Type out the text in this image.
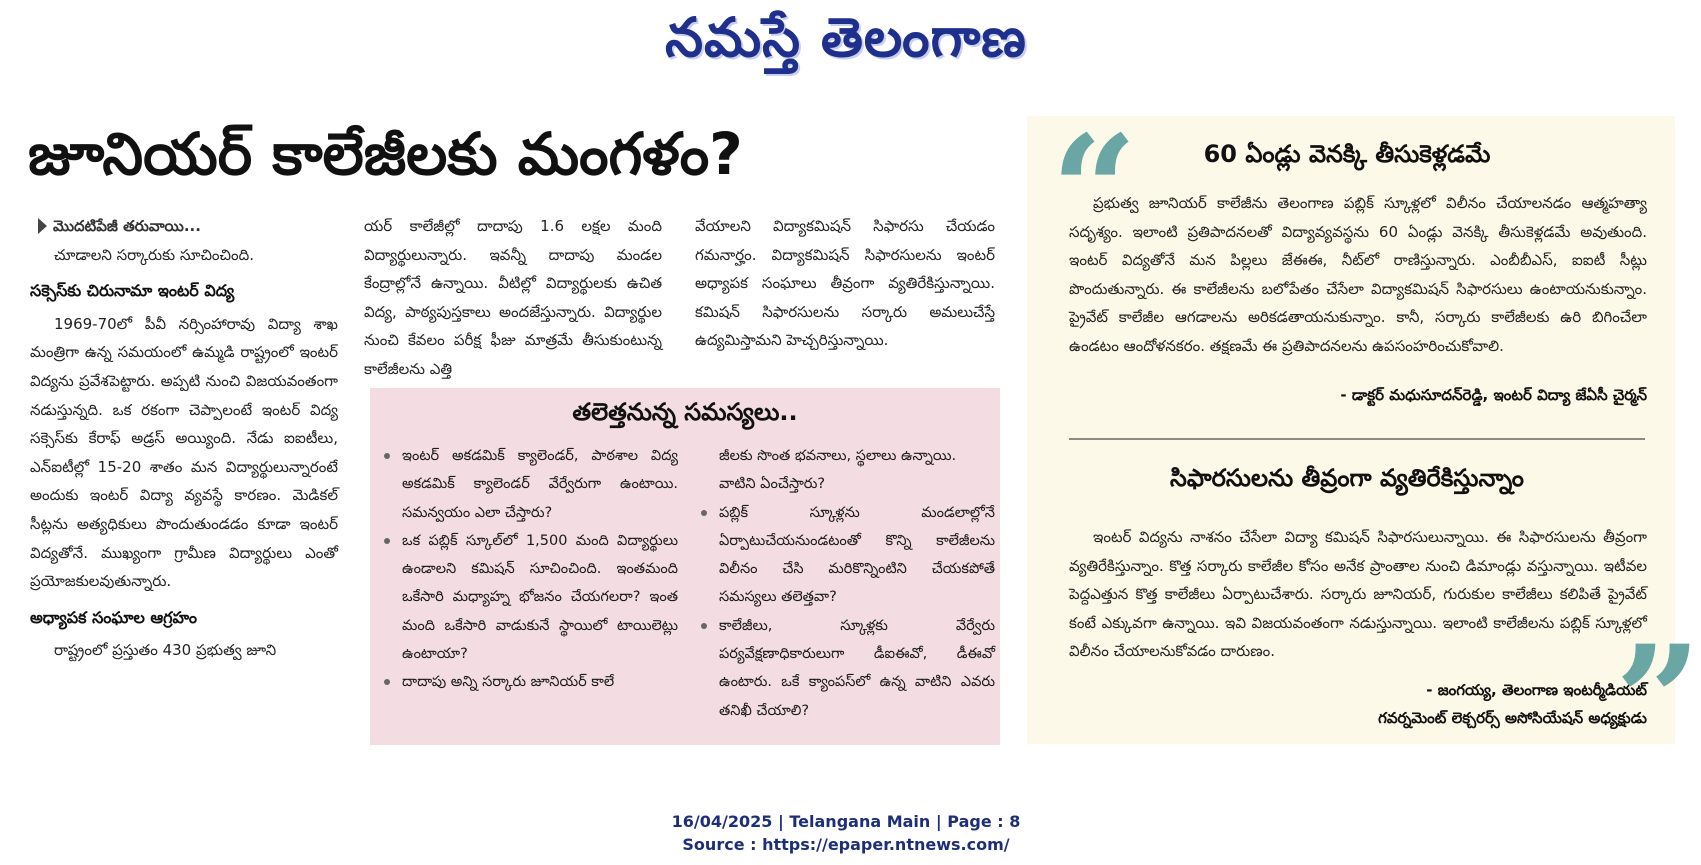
నమస్తే తెలంగాణ
జూనియర్ కాలేజీలకు మంగళం?
మొదటిపేజీ తరువాయి...

చూడాలని సర్కారుకు సూచించింది.

సక్సెస్‌కు చిరునామా ఇంటర్ విద్య

1969-70లో పీవీ నర్సింహారావు విద్యా శాఖ మంత్రిగా ఉన్న సమయంలో ఉమ్మడి రాష్ట్రంలో ఇంటర్ విద్యను ప్రవేశపెట్టారు. అప్పటి నుంచి విజయవంతంగా నడుస్తున్నది. ఒక రకంగా చెప్పాలంటే ఇంటర్ విద్య సక్సెస్‌కు కేరాఫ్ అడ్రస్ అయ్యింది. నేడు ఐఐటీలు, ఎన్ఐటీల్లో 15-20 శాతం మన విద్యార్థులున్నారంటే అందుకు ఇంటర్ విద్యా వ్యవస్థే కారణం. మెడికల్ సీట్లను అత్యధికులు పొందుతుండడం కూడా ఇంటర్ విద్యతోనే. ముఖ్యంగా గ్రామీణ విద్యార్థులు ఎంతో ప్రయోజకులవుతున్నారు.

అధ్యాపక సంఘాల ఆగ్రహం

రాష్ట్రంలో ప్రస్తుతం 430 ప్రభుత్వ జూని

యర్ కాలేజీల్లో దాదాపు 1.6 లక్షల మంది విద్యార్థులున్నారు. ఇవన్నీ దాదాపు మండల కేంద్రాల్లోనే ఉన్నాయి. వీటిల్లో విద్యార్థులకు ఉచిత విద్య, పాఠ్యపుస్తకాలు అందజేస్తున్నారు. విద్యార్థుల నుంచి కేవలం పరీక్ష ఫీజు మాత్రమే తీసుకుంటున్న కాలేజీలను ఎత్తి

వేయాలని విద్యాకమిషన్ సిఫారసు చేయడం గమనార్హం. విద్యాకమిషన్ సిఫారసులను ఇంటర్ అధ్యాపక సంఘాలు తీవ్రంగా వ్యతిరేకిస్తున్నాయి. కమిషన్ సిఫారసులను సర్కారు అమలుచేస్తే ఉద్యమిస్తామని హెచ్చరిస్తున్నాయి.

తలెత్తనున్న సమస్యలు..
ఇంటర్ అకడమిక్ క్యాలెండర్, పాఠశాల విద్య అకడమిక్ క్యాలెండర్ వేర్వేరుగా ఉంటాయి. సమన్వయం ఎలా చేస్తారు?
ఒక పబ్లిక్ స్కూల్‌లో 1,500 మంది విద్యార్థులు ఉండాలని కమిషన్ సూచించింది. ఇంతమంది ఒకేసారి మధ్యాహ్న భోజనం చేయగలరా? ఇంత మంది ఒకేసారి వాడుకునే స్థాయిలో టాయిలెట్లు ఉంటాయా?
దాదాపు అన్ని సర్కారు జూనియర్ కాలే
జీలకు సొంత భవనాలు, స్థలాలు ఉన్నాయి. వాటిని ఏంచేస్తారు?
పబ్లిక్ స్కూళ్లను మండలాల్లోనే ఏర్పాటుచేయనుండటంతో కొన్ని కాలేజీలను విలీనం చేసి మరికొన్నింటిని చేయకపోతే సమస్యలు తలెత్తవా?
కాలేజీలు, స్కూళ్లకు వేర్వేరు పర్యవేక్షణాధికారులుగా డీఐఈవో, డీఈవో ఉంటారు. ఒకే క్యాంపస్‌లో ఉన్న వాటిని ఎవరు తనిఖీ చేయాలి?
“	60 ఏండ్లు వెనక్కి తీసుకెళ్లడమే
ప్రభుత్వ జూనియర్ కాలేజీను తెలంగాణ పబ్లిక్ స్కూళ్లలో విలీనం చేయాలనడం ఆత్మహత్యా సదృశ్యం. ఇలాంటి ప్రతిపాదనలతో విద్యావ్యవస్థను 60 ఏండ్లు వెనక్కి తీసుకెళ్లడమే అవుతుంది. ఇంటర్ విద్యతోనే మన పిల్లలు జేఈఈ, నీట్‌లో రాణిస్తున్నారు. ఎంబీబీఎస్, ఐఐటీ సీట్లు పొందుతున్నారు. ఈ కాలేజీలను బలోపేతం చేసేలా విద్యాకమిషన్ సిఫారసులు ఉంటాయనుకున్నాం. ప్రైవేట్ కాలేజీల ఆగడాలను అరికడతాయనుకున్నాం. కానీ, సర్కారు కాలేజీలకు ఉరి బిగించేలా ఉండటం ఆందోళనకరం. తక్షణమే ఈ ప్రతిపాదనలను ఉపసంహరించుకోవాలి.
- డాక్టర్ మధుసూదన్‌రెడ్డి, ఇంటర్ విద్యా జేఏసీ చైర్మన్
సిఫారసులను తీవ్రంగా వ్యతిరేకిస్తున్నాం
ఇంటర్ విద్యను నాశనం చేసేలా విద్యా కమిషన్ సిఫారసులున్నాయి. ఈ సిఫారసులను తీవ్రంగా వ్యతిరేకిస్తున్నాం. కొత్త సర్కారు కాలేజీల కోసం అనేక ప్రాంతాల నుంచి డిమాండ్లు వస్తున్నాయి. ఇటీవల పెద్దఎత్తున కొత్త కాలేజీలు ఏర్పాటుచేశారు. సర్కారు జూనియర్, గురుకుల కాలేజీలు కలిపితే ప్రైవేట్ కంటే ఎక్కువగా ఉన్నాయి. ఇవి విజయవంతంగా నడుస్తున్నాయి. ఇలాంటి కాలేజీలను పబ్లిక్ స్కూళ్లలో విలీనం చేయాలనుకోవడం దారుణం.
- జంగయ్య, తెలంగాణ ఇంటర్మీడియట్
గవర్నమెంట్ లెక్చరర్స్ అసోసియేషన్ అధ్యక్షుడు
”
16/04/2025 | Telangana Main | Page : 8
Source : https://epaper.ntnews.com/
